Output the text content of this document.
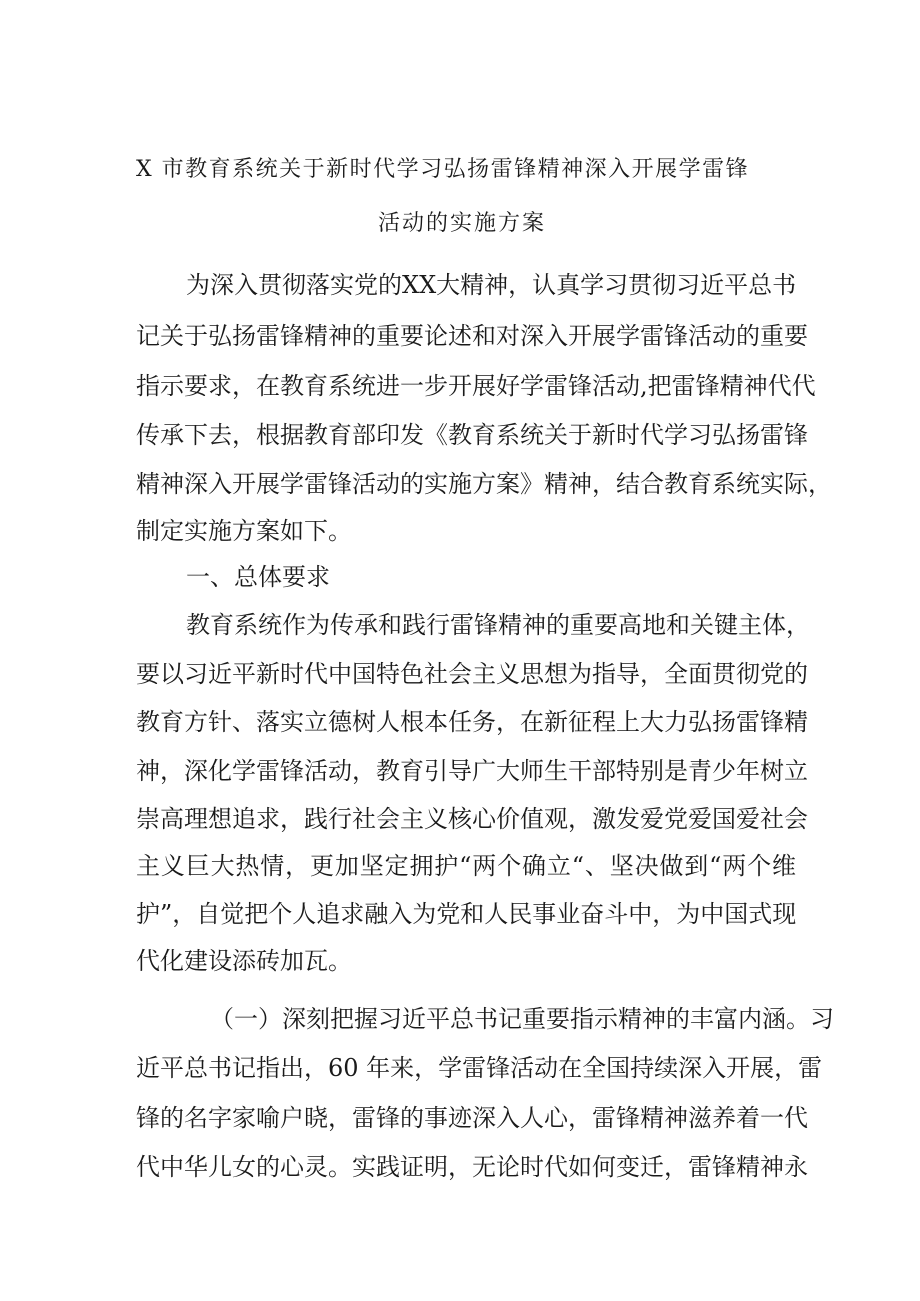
X 市教育系统关于新时代学习弘扬雷锋精神深入开展学雷锋
活动的实施方案
为深入贯彻落实党的XX大精神，认真学习贯彻习近平总书
记关于弘扬雷锋精神的重要论述和对深入开展学雷锋活动的重要
指示要求，在教育系统进一步开展好学雷锋活动,把雷锋精神代代
传承下去，根据教育部印发《教育系统关于新时代学习弘扬雷锋
精神深入开展学雷锋活动的实施方案》精神，结合教育系统实际，
制定实施方案如下。
一、总体要求
教育系统作为传承和践行雷锋精神的重要高地和关键主体，
要以习近平新时代中国特色社会主义思想为指导，全面贯彻党的
教育方针、落实立德树人根本任务，在新征程上大力弘扬雷锋精
神，深化学雷锋活动，教育引导广大师生干部特别是青少年树立
崇高理想追求，践行社会主义核心价值观，激发爱党爱国爱社会
主义巨大热情，更加坚定拥护“两个确立“、坚决做到“两个维
护”，自觉把个人追求融入为党和人民事业奋斗中，为中国式现
代化建设添砖加瓦。
（一）深刻把握习近平总书记重要指示精神的丰富内涵。习
近平总书记指出，60 年来，学雷锋活动在全国持续深入开展，雷
锋的名字家喻户晓，雷锋的事迹深入人心，雷锋精神滋养着一代
代中华儿女的心灵。实践证明，无论时代如何变迁，雷锋精神永
